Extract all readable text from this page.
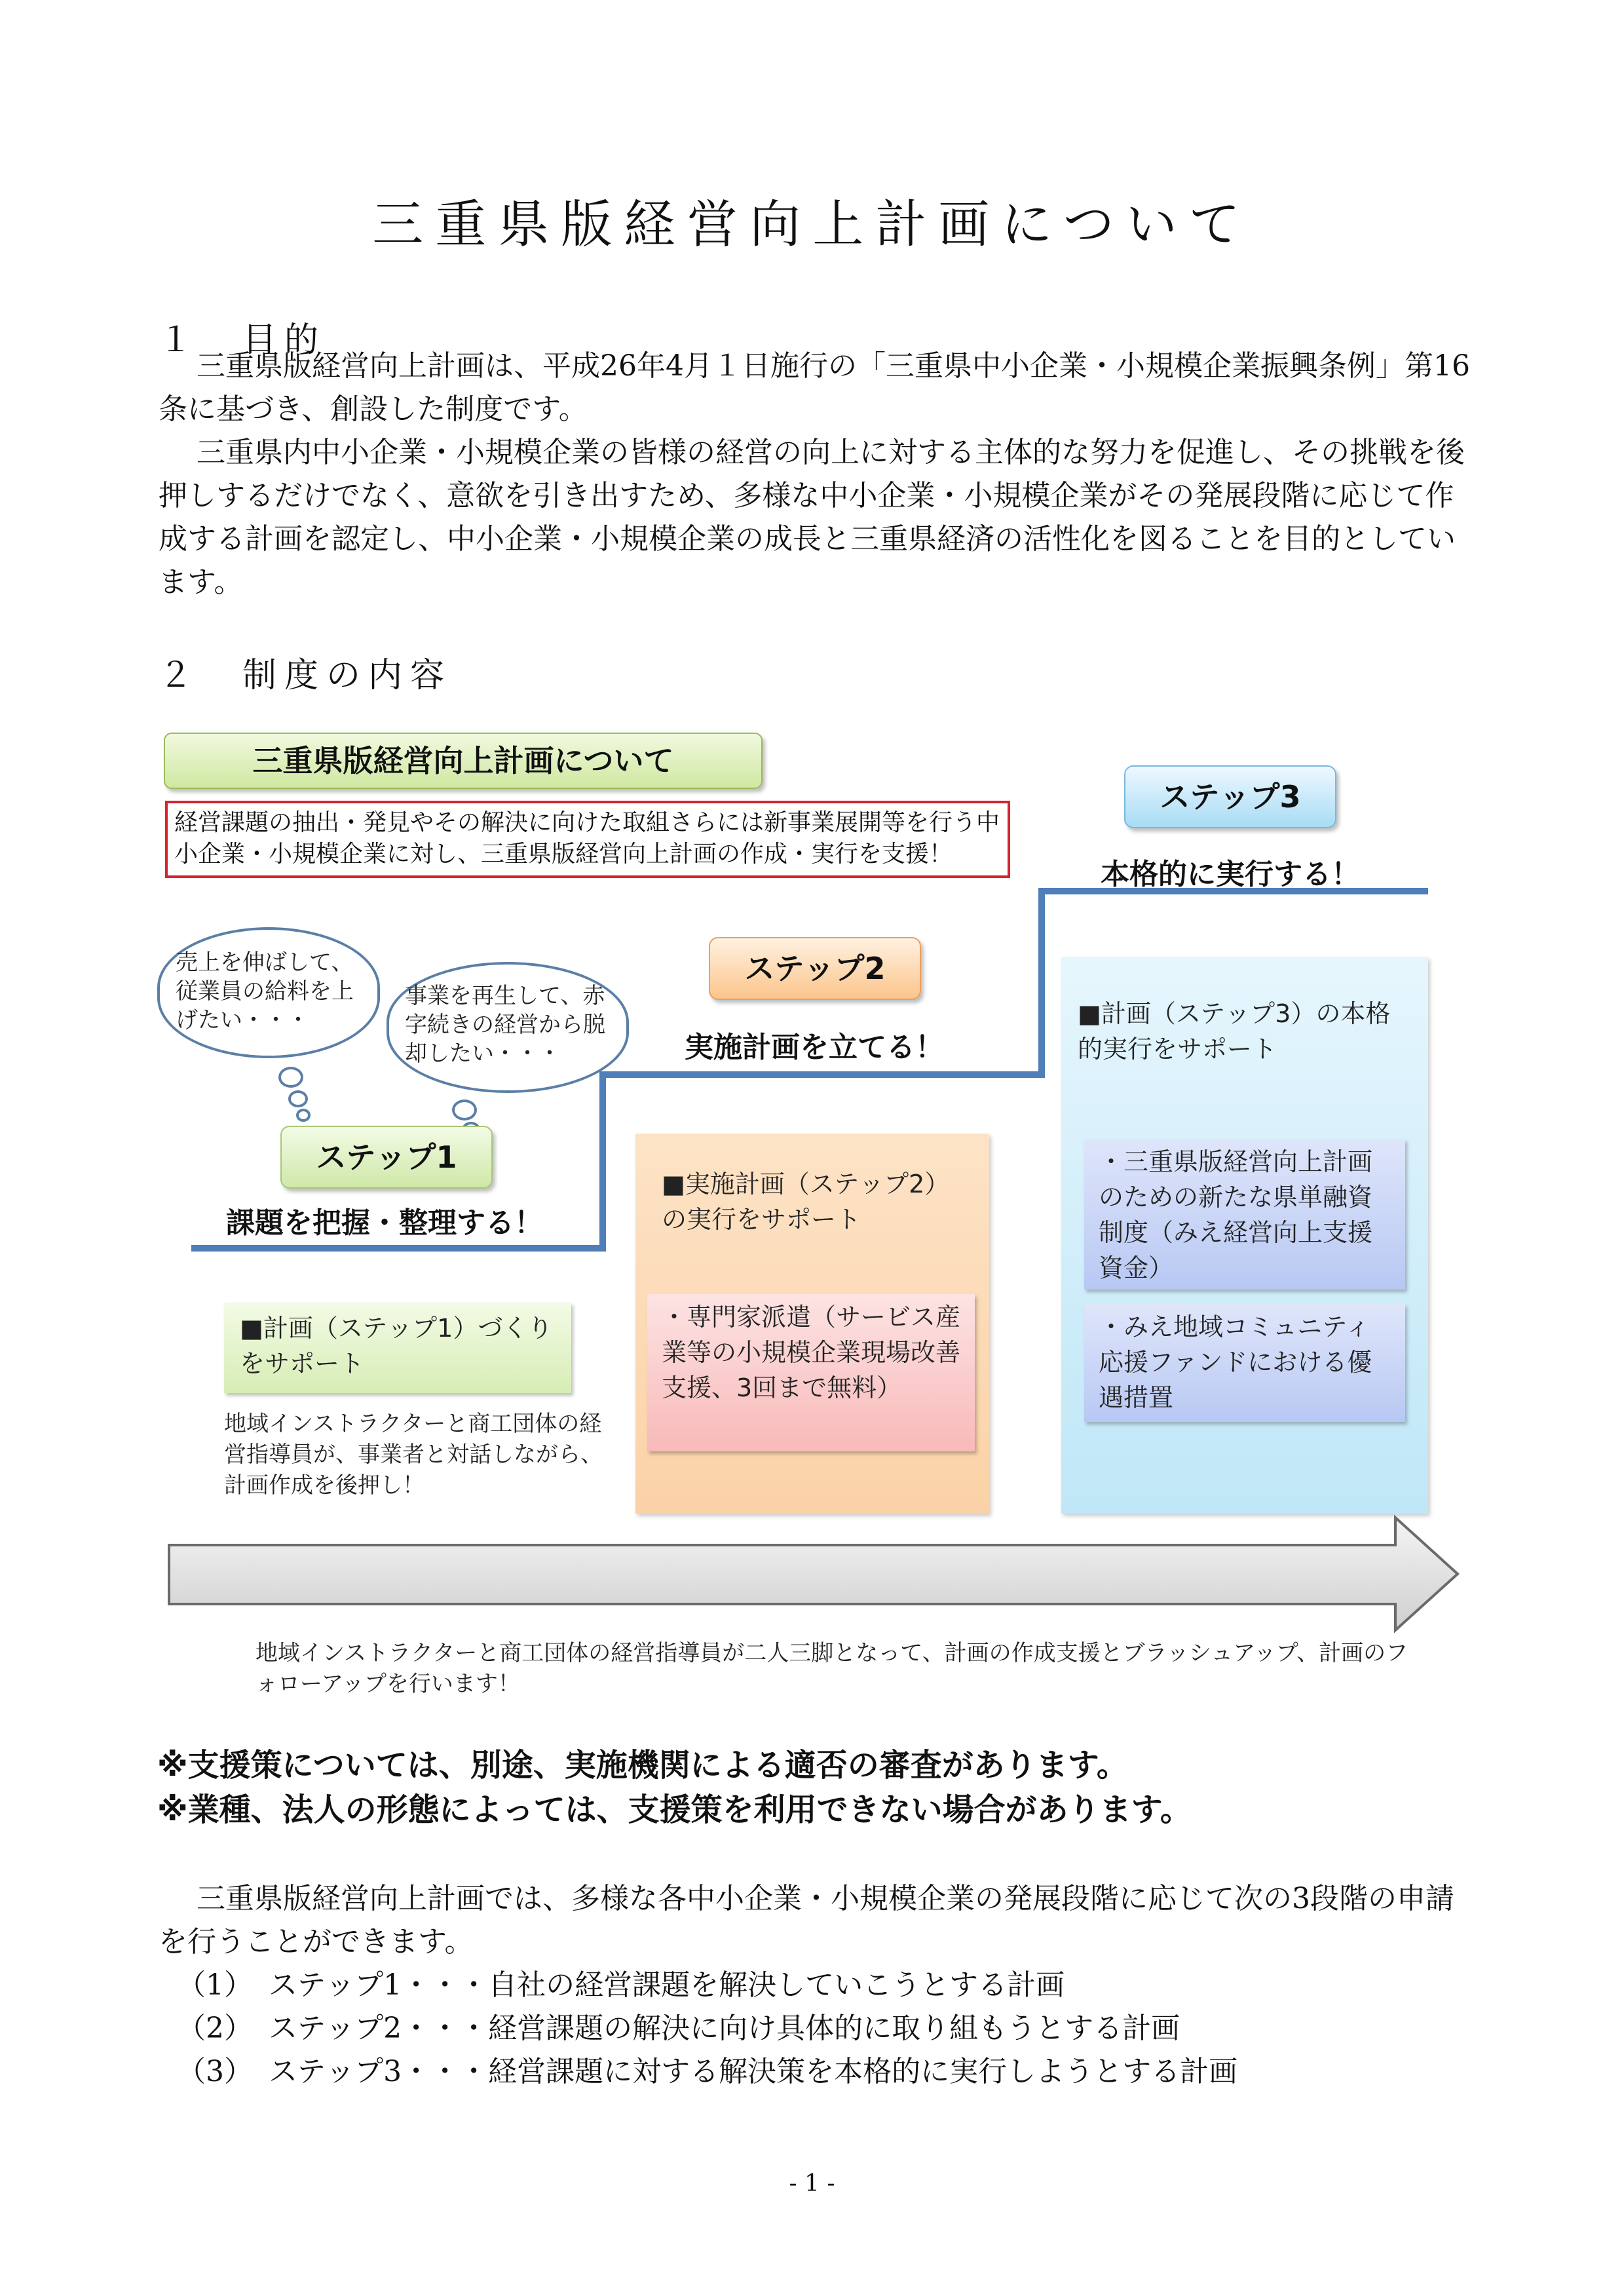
三重県版経営向上計画について
１　目的

三重県版経営向上計画は、平成26年4月１日施行の「三重県中小企業・小規模企業振興条例」第16条に基づき、創設した制度です。

三重県内中小企業・小規模企業の皆様の経営の向上に対する主体的な努力を促進し、その挑戦を後押しするだけでなく、意欲を引き出すため、多様な中小企業・小規模企業がその発展段階に応じて作成する計画を認定し、中小企業・小規模企業の成長と三重県経済の活性化を図ることを目的としています。

２　制度の内容
三重県版経営向上計画について
経営課題の抽出・発見やその解決に向けた取組さらには新事業展開等を行う中小企業・小規模企業に対し、三重県版経営向上計画の作成・実行を支援！
売上を伸ばして、従業員の給料を上げたい・・・
事業を再生して、赤字続きの経営から脱却したい・・・
ステップ1
課題を把握・整理する！
ステップ2
実施計画を立てる！
ステップ3
本格的に実行する！
■計画（ステップ1）づくりをサポート
地域インストラクターと商工団体の経営指導員が、事業者と対話しながら、計画作成を後押し！
■実施計画（ステップ2）の実行をサポート
・専門家派遣（サービス産業等の小規模企業現場改善支援、3回まで無料）
■計画（ステップ3）の本格的実行をサポート
・三重県版経営向上計画のための新たな県単融資制度（みえ経営向上支援資金）
・みえ地域コミュニティ応援ファンドにおける優遇措置
地域インストラクターと商工団体の経営指導員が二人三脚となって、計画の作成支援とブラッシュアップ、計画のフォローアップを行います！
※支援策については、別途、実施機関による適否の審査があります。
※業種、法人の形態によっては、支援策を利用できない場合があります。

三重県版経営向上計画では、多様な各中小企業・小規模企業の発展段階に応じて次の3段階の申請を行うことができます。

（1） ステップ1・・・自社の経営課題を解決していこうとする計画
（2） ステップ2・・・経営課題の解決に向け具体的に取り組もうとする計画
（3） ステップ3・・・経営課題に対する解決策を本格的に実行しようとする計画
- 1 -
